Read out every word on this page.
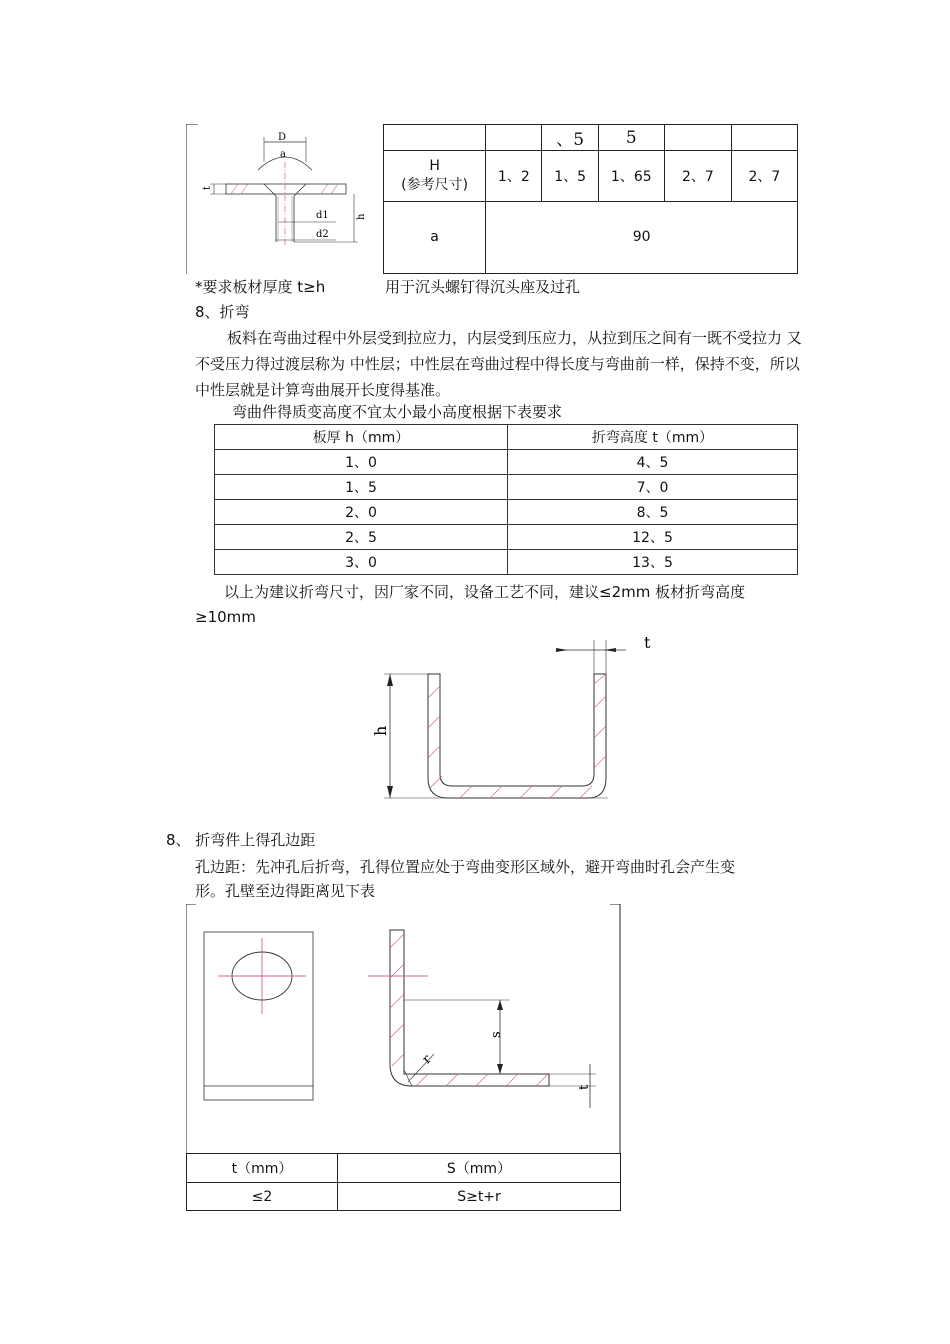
D
a
t
h
d1
d2
		、5	5		

H
(参考尺寸)	1、2	1、5	1、65	2、7	2、7
a	90				
*要求板材厚度 t≥h	用于沉头螺钉得沉头座及过孔
8、折弯
板料在弯曲过程中外层受到拉应力，内层受到压应力，从拉到压之间有一既不受拉力 又不受压力得过渡层称为 中性层；中性层在弯曲过程中得长度与弯曲前一样，保持不变，所以中性层就是计算弯曲展开长度得基准。
弯曲件得质变高度不宜太小最小高度根据下表要求
板厚 h（mm）	折弯高度 t（mm）
1、0	4、5
1、5	7、0
2、0	8、5
2、5	12、5
3、0	13、5
以上为建议折弯尺寸，因厂家不同，设备工艺不同，建议≤2mm 板材折弯高度
≥10mm
t
h
8、 折弯件上得孔边距
孔边距：先冲孔后折弯，孔得位置应处于弯曲变形区域外，避开弯曲时孔会产生变
形。孔壁至边得距离见下表
s
r
t
t（mm）	S（mm）
≤2	S≥t+r
